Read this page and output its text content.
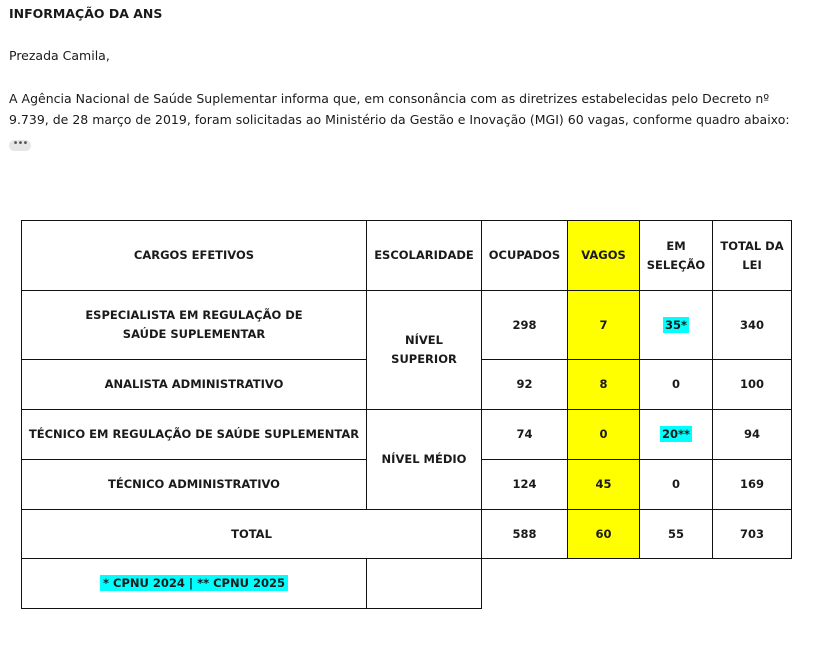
INFORMAÇÃO DA ANS
Prezada Camila,
A Agência Nacional de Saúde Suplementar informa que, em consonância com as diretrizes estabelecidas pelo Decreto nº 9.739, de 28 março de 2019, foram solicitadas ao Ministério da Gestão e Inovação (MGI) 60 vagas, conforme quadro abaixo:
•••
CARGOS EFETIVOS	ESCOLARIDADE	OCUPADOS	VAGOS	EM SELEÇÃO	TOTAL DA LEI
ESPECIALISTA EM REGULAÇÃO DE SAÚDE SUPLEMENTAR	NÍVEL SUPERIOR	298	7	35*	340
ANALISTA ADMINISTRATIVO		92	8	0	100
TÉCNICO EM REGULAÇÃO DE SAÚDE SUPLEMENTAR	NÍVEL MÉDIO	74	0	20**	94
TÉCNICO ADMINISTRATIVO		124	45	0	169
TOTAL		588	60	55	703
* CPNU 2024 | ** CPNU 2025					
